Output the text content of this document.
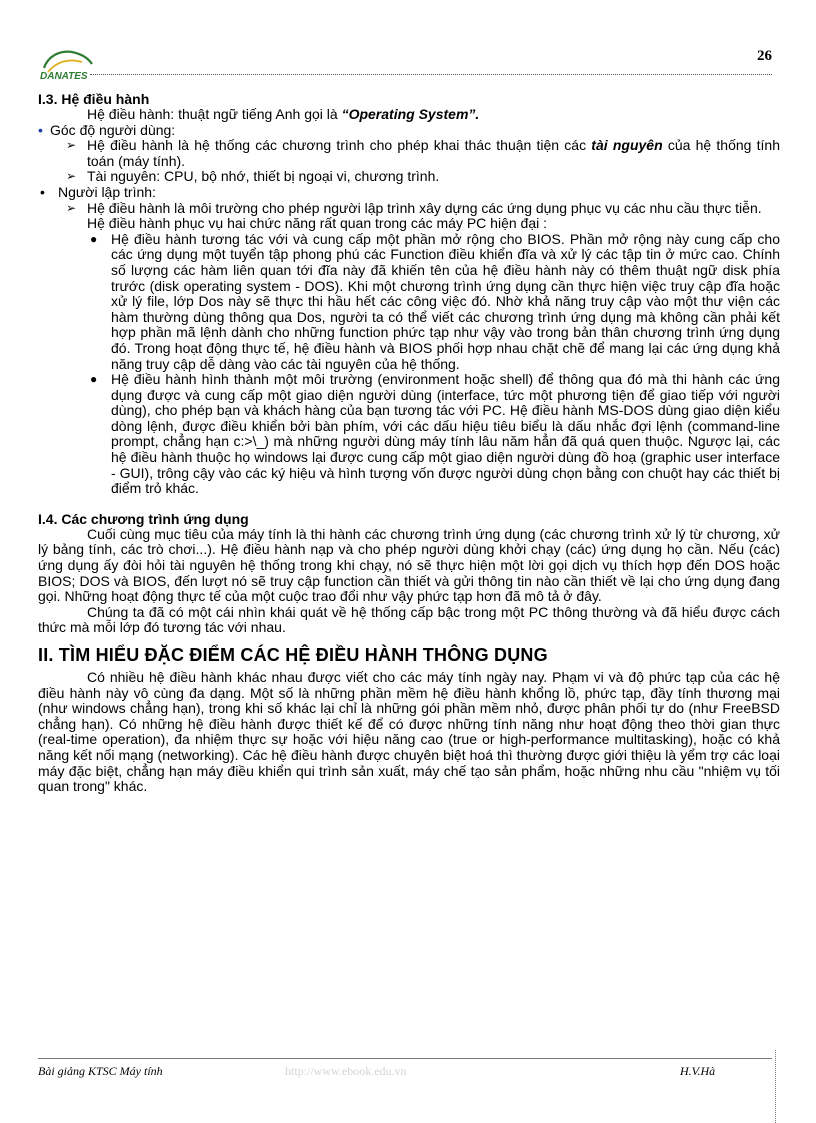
DANATES
26
I.3. Hệ điều hành

Hệ điều hành: thuật ngữ tiếng Anh gọi là “Operating System”.

• Góc độ người dùng:
➢ Hệ điều hành là hệ thống các chương trình cho phép khai thác thuận tiện các tài nguyên của hệ thống tính toán (máy tính).
➢ Tài nguyên: CPU, bộ nhớ, thiết bị ngoại vi, chương trình.
• Người lập trình:
➢ Hệ điều hành là môi trường cho phép người lập trình xây dựng các ứng dụng phục vụ các nhu cầu thực tiễn.

Hệ điều hành phục vụ hai chức năng rất quan trong các máy PC hiện đại :

● Hệ điều hành tương tác với và cung cấp một phần mở rộng cho BIOS. Phần mở rộng này cung cấp cho các ứng dụng một tuyển tập phong phú các Function điều khiển đĩa và xử lý các tập tin ở mức cao. Chính số lượng các hàm liên quan tới đĩa này đã khiến tên của hệ điều hành này có thêm thuật ngữ disk phía trước (disk operating system - DOS). Khi một chương trình ứng dụng cần thực hiện việc truy cập đĩa hoặc xử lý file, lớp Dos này sẽ thực thi hầu hết các công việc đó. Nhờ khả năng truy cập vào một thư viện các hàm thường dùng thông qua Dos, người ta có thể viết các chương trình ứng dụng mà không cần phải kết hợp phần mã lệnh dành cho những function phức tạp như vậy vào trong bản thân chương trình ứng dụng đó. Trong hoạt động thực tế, hệ điều hành và BIOS phối hợp nhau chặt chẽ để mang lại các ứng dụng khả năng truy cập dễ dàng vào các tài nguyên của hệ thống.
● Hệ điều hành hình thành một môi trường (environment hoặc shell) để thông qua đó mà thi hành các ứng dụng được và cung cấp một giao diện người dùng (interface, tức một phương tiện để giao tiếp với người dùng), cho phép bạn và khách hàng của bạn tương tác với PC. Hệ điều hành MS-DOS dùng giao diện kiểu dòng lệnh, được điều khiển bởi bàn phím, với các dấu hiệu tiêu biểu là dấu nhắc đợi lệnh (command-line prompt, chẳng hạn c:>\_) mà những người dùng máy tính lâu năm hẳn đã quá quen thuộc. Ngược lại, các hệ điều hành thuộc họ windows lại được cung cấp một giao diện người dùng đồ hoạ (graphic user interface - GUI), trông cậy vào các ký hiệu và hình tượng vốn được người dùng chọn bằng con chuột hay các thiết bị điểm trỏ khác.
I.4. Các chương trình ứng dụng

Cuối cùng mục tiêu của máy tính là thi hành các chương trình ứng dụng (các chương trình xử lý từ chương, xử lý bảng tính, các trò chơi...). Hệ điều hành nạp và cho phép người dùng khởi chạy (các) ứng dụng họ cần. Nếu (các) ứng dụng ấy đòi hỏi tài nguyên hệ thống trong khi chạy, nó sẽ thực hiện một lời gọi dịch vụ thích hợp đến DOS hoặc BIOS; DOS và BIOS, đến lượt nó sẽ truy cập function cần thiết và gửi thông tin nào cần thiết về lại cho ứng dụng đang gọi. Những hoạt động thực tế của một cuộc trao đổi như vậy phức tạp hơn đã mô tả ở đây.

Chúng ta đã có một cái nhìn khái quát về hệ thống cấp bậc trong một PC thông thường và đã hiểu được cách thức mà mỗi lớp đó tương tác với nhau.

II. TÌM HIỂU ĐẶC ĐIỂM CÁC HỆ ĐIỀU HÀNH THÔNG DỤNG

Có nhiều hệ điều hành khác nhau được viết cho các máy tính ngày nay. Phạm vi và độ phức tạp của các hệ điều hành này vô cùng đa dạng. Một số là những phần mềm hệ điều hành khổng lồ, phức tạp, đầy tính thương mại (như windows chẳng hạn), trong khi số khác lại chỉ là những gói phần mềm nhỏ, được phân phối tự do (như FreeBSD chẳng hạn). Có những hệ điều hành được thiết kế để có được những tính năng như hoạt động theo thời gian thực (real-time operation), đa nhiệm thực sự hoặc với hiệu năng cao (true or high-performance multitasking), hoặc có khả năng kết nối mạng (networking). Các hệ điều hành được chuyên biệt hoá thì thường được giới thiệu là yểm trợ các loại máy đặc biệt, chẳng hạn máy điều khiển qui trình sản xuất, máy chế tạo sản phẩm, hoặc những nhu cầu "nhiệm vụ tối quan trong" khác.

Bài giảng KTSC Máy tính	http://www.ebook.edu.vn	H.V.Hà
